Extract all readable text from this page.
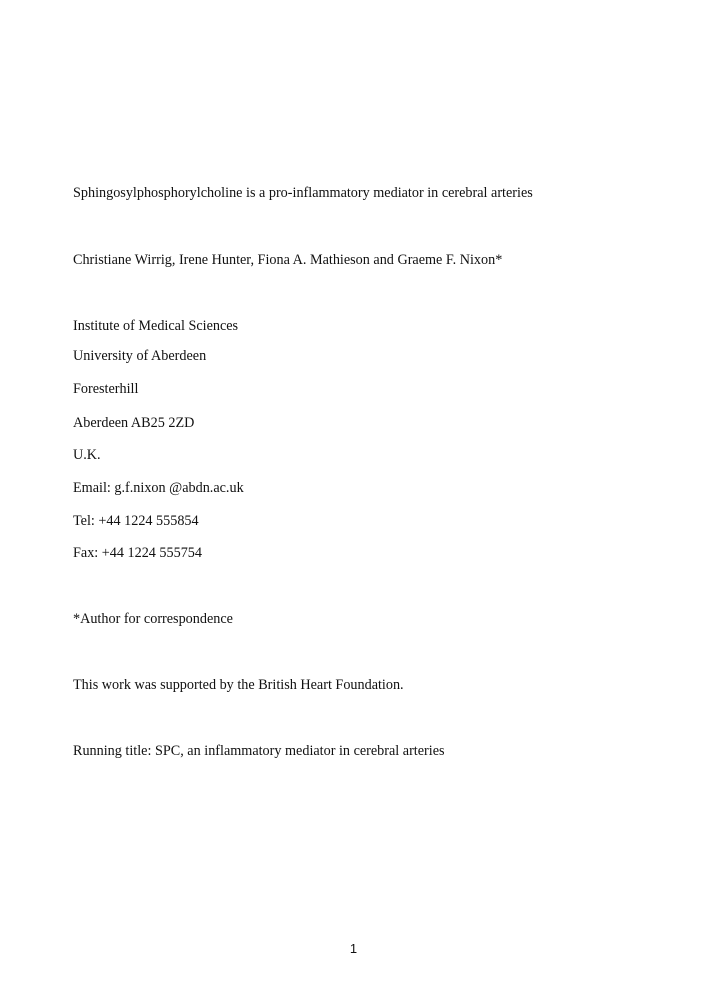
Sphingosylphosphorylcholine is a pro-inflammatory mediator in cerebral arteries
Christiane Wirrig, Irene Hunter, Fiona A. Mathieson and Graeme F. Nixon*
Institute of Medical Sciences
University of Aberdeen
Foresterhill
Aberdeen AB25 2ZD
U.K.
Email: g.f.nixon @abdn.ac.uk
Tel: +44 1224 555854
Fax: +44 1224 555754
*Author for correspondence
This work was supported by the British Heart Foundation.
Running title: SPC, an inflammatory mediator in cerebral arteries
1
